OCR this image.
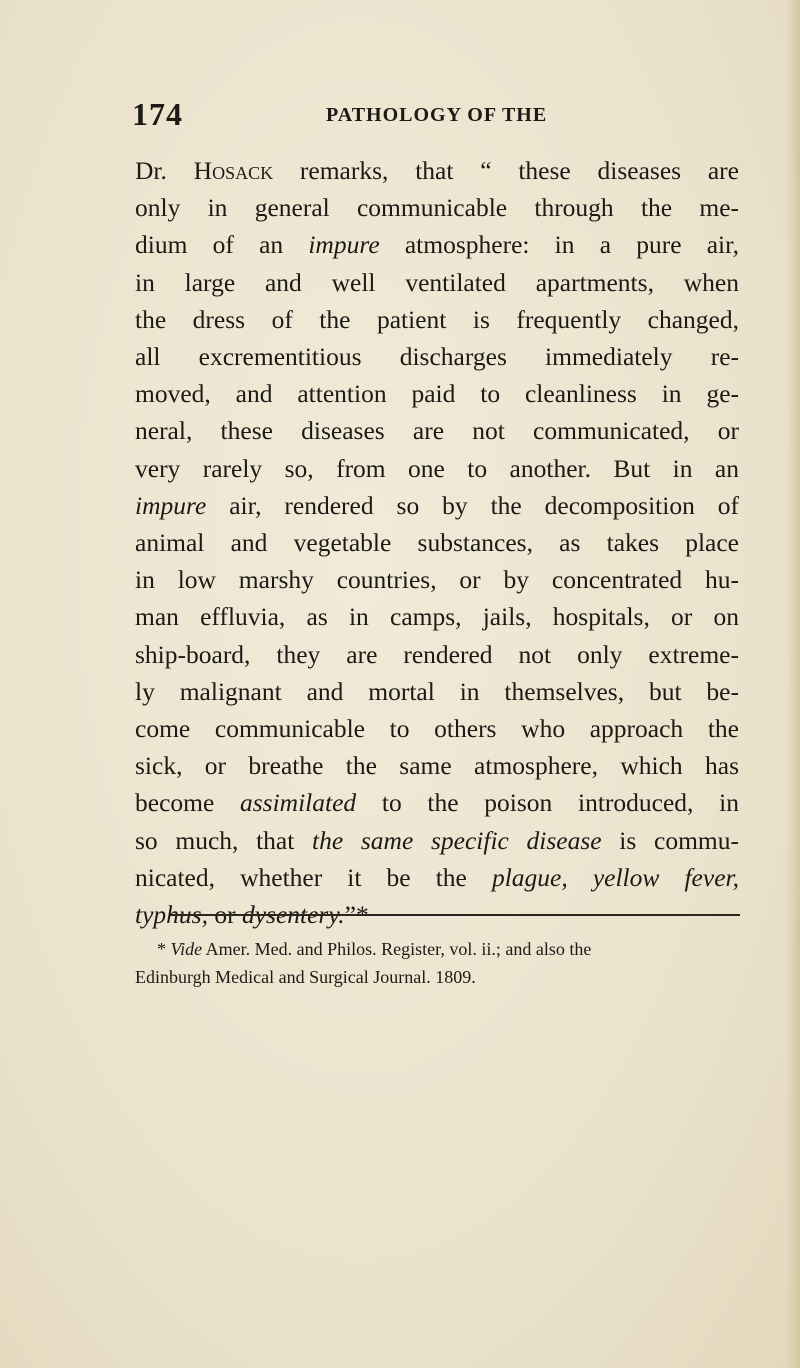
174	PATHOLOGY OF THE
Dr. Hosack remarks, that “ these diseases are
only in general communicable through the me-
dium of an impure atmosphere: in a pure air,
in large and well ventilated apartments, when
the dress of the patient is frequently changed,
all excrementitious discharges immediately re-
moved, and attention paid to cleanliness in ge-
neral, these diseases are not communicated, or
very rarely so, from one to another. But in an
impure air, rendered so by the decomposition of
animal and vegetable substances, as takes place
in low marshy countries, or by concentrated hu-
man effluvia, as in camps, jails, hospitals, or on
ship-board, they are rendered not only extreme-
ly malignant and mortal in themselves, but be-
come communicable to others who approach the
sick, or breathe the same atmosphere, which has
become assimilated to the poison introduced, in
so much, that the same specific disease is commu-
nicated, whether it be the plague, yellow fever,
typhus, or dysentery.”*
* Vide Amer. Med. and Philos. Register, vol. ii.; and also the
Edinburgh Medical and Surgical Journal. 1809.
